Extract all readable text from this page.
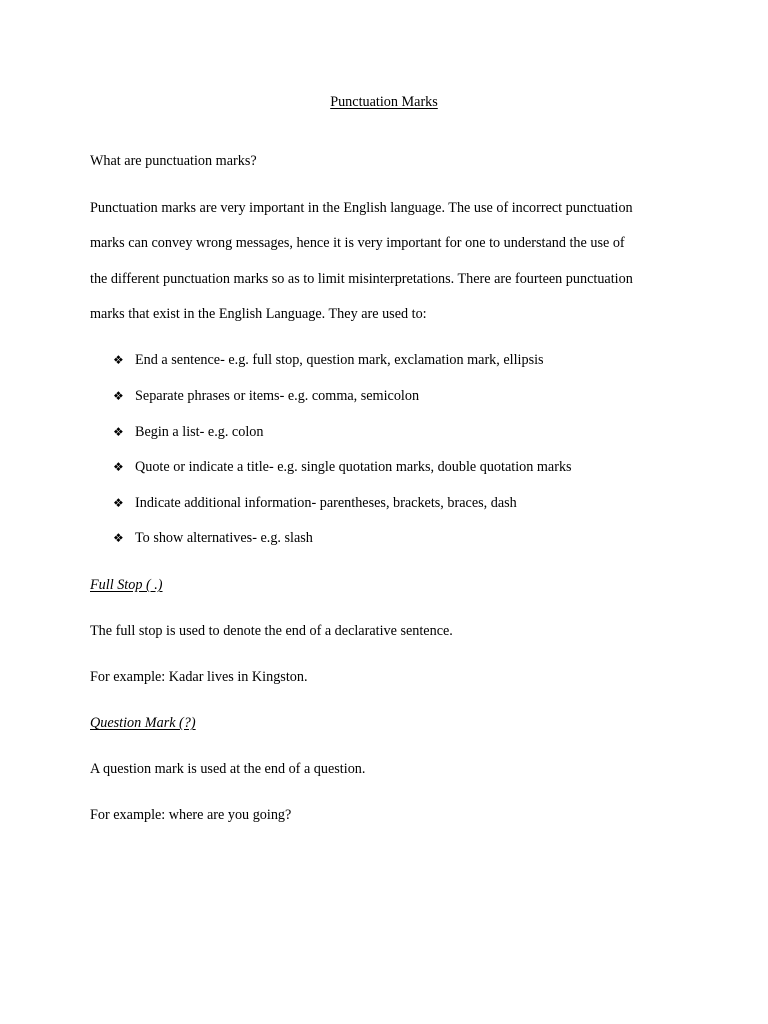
Punctuation Marks
What are punctuation marks?
Punctuation marks are very important in the English language. The use of incorrect punctuation
marks can convey wrong messages, hence it is very important for one to understand the use of
the different punctuation marks so as to limit misinterpretations. There are fourteen punctuation
marks that exist in the English Language. They are used to:
❖ End a sentence- e.g. full stop, question mark, exclamation mark, ellipsis
❖ Separate phrases or items- e.g. comma, semicolon
❖ Begin a list- e.g. colon
❖ Quote or indicate a title- e.g. single quotation marks, double quotation marks
❖ Indicate additional information- parentheses, brackets, braces, dash
❖ To show alternatives- e.g. slash
Full Stop ( .)
The full stop is used to denote the end of a declarative sentence.
For example: Kadar lives in Kingston.
Question Mark (?)
A question mark is used at the end of a question.
For example: where are you going?
